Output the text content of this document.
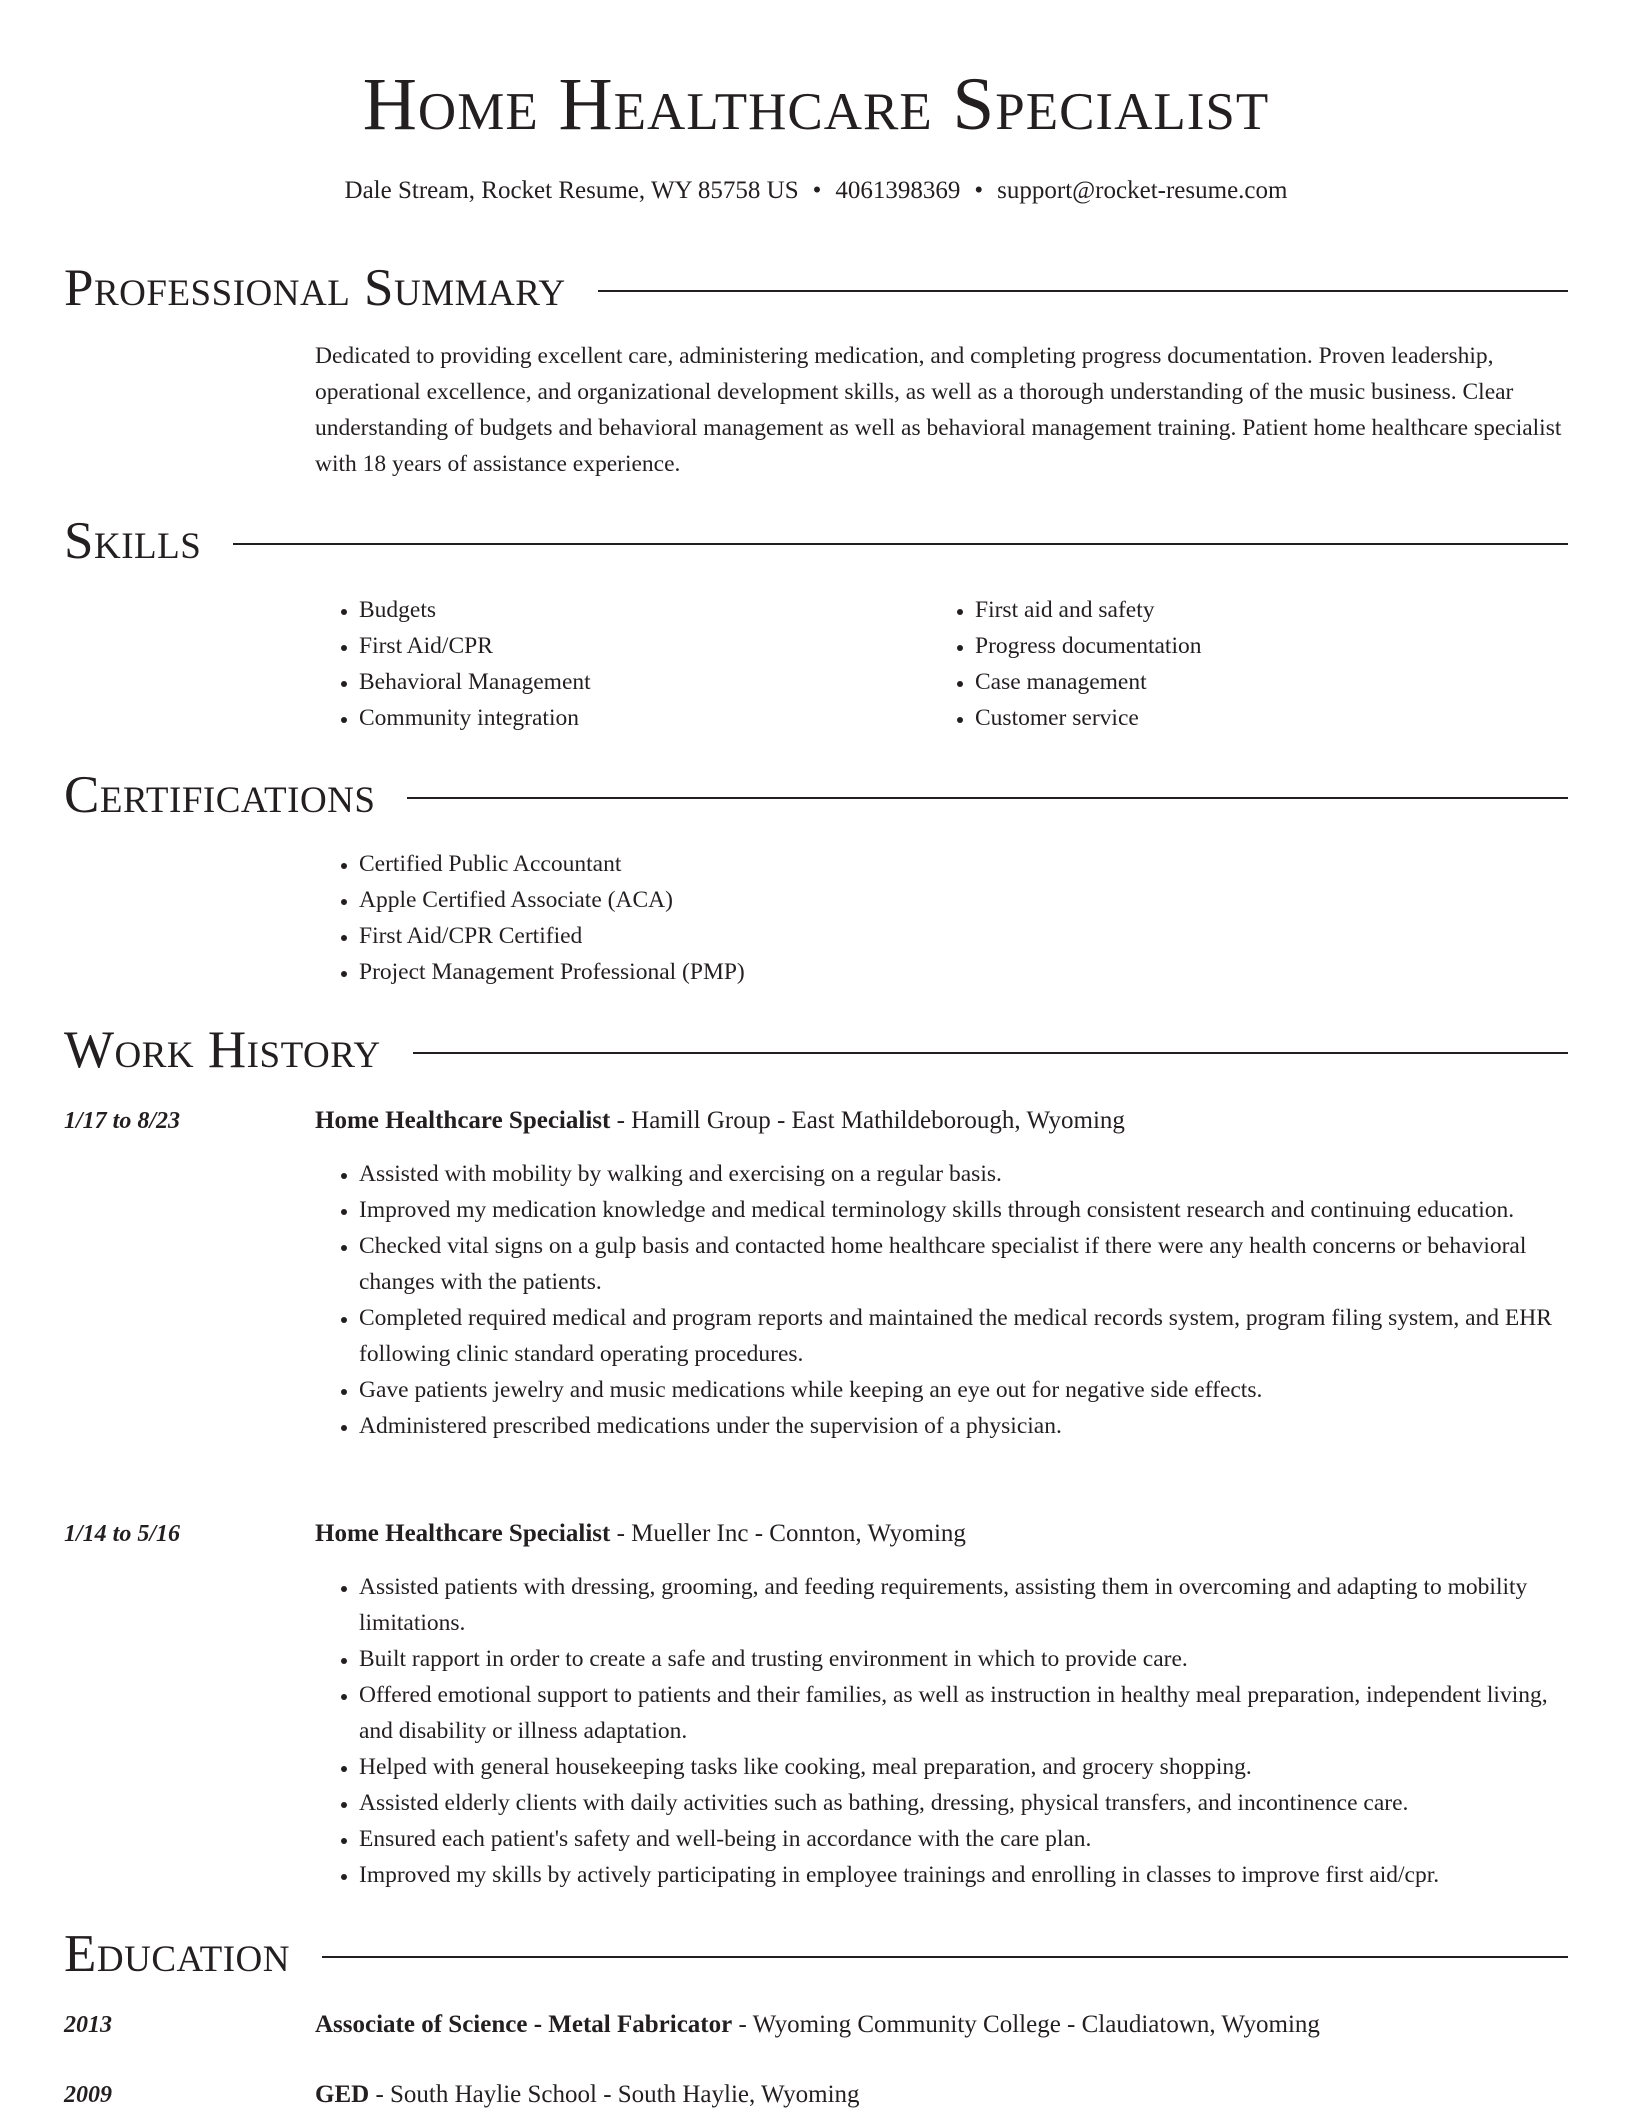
Home Healthcare Specialist
Dale Stream, Rocket Resume, WY 85758 US • 4061398369 • support@rocket-resume.com
Professional Summary
Dedicated to providing excellent care, administering medication, and completing progress documentation. Proven leadership, operational excellence, and organizational development skills, as well as a thorough understanding of the music business. Clear understanding of budgets and behavioral management as well as behavioral management training. Patient home healthcare specialist with 18 years of assistance experience.
Skills
• Budgets
• First Aid/CPR
• Behavioral Management
• Community integration
• First aid and safety
• Progress documentation
• Case management
• Customer service
Certifications
• Certified Public Accountant
• Apple Certified Associate (ACA)
• First Aid/CPR Certified
• Project Management Professional (PMP)
Work History
1/17 to 8/23	Home Healthcare Specialist - Hamill Group - East Mathildeborough, Wyoming
• Assisted with mobility by walking and exercising on a regular basis.
• Improved my medication knowledge and medical terminology skills through consistent research and continuing education.
• Checked vital signs on a gulp basis and contacted home healthcare specialist if there were any health concerns or behavioral changes with the patients.
• Completed required medical and program reports and maintained the medical records system, program filing system, and EHR following clinic standard operating procedures.
• Gave patients jewelry and music medications while keeping an eye out for negative side effects.
• Administered prescribed medications under the supervision of a physician.
1/14 to 5/16	Home Healthcare Specialist - Mueller Inc - Connton, Wyoming
• Assisted patients with dressing, grooming, and feeding requirements, assisting them in overcoming and adapting to mobility limitations.
• Built rapport in order to create a safe and trusting environment in which to provide care.
• Offered emotional support to patients and their families, as well as instruction in healthy meal preparation, independent living, and disability or illness adaptation.
• Helped with general housekeeping tasks like cooking, meal preparation, and grocery shopping.
• Assisted elderly clients with daily activities such as bathing, dressing, physical transfers, and incontinence care.
• Ensured each patient's safety and well-being in accordance with the care plan.
• Improved my skills by actively participating in employee trainings and enrolling in classes to improve first aid/cpr.
Education
2013	Associate of Science - Metal Fabricator - Wyoming Community College - Claudiatown, Wyoming
2009	GED - South Haylie School - South Haylie, Wyoming
